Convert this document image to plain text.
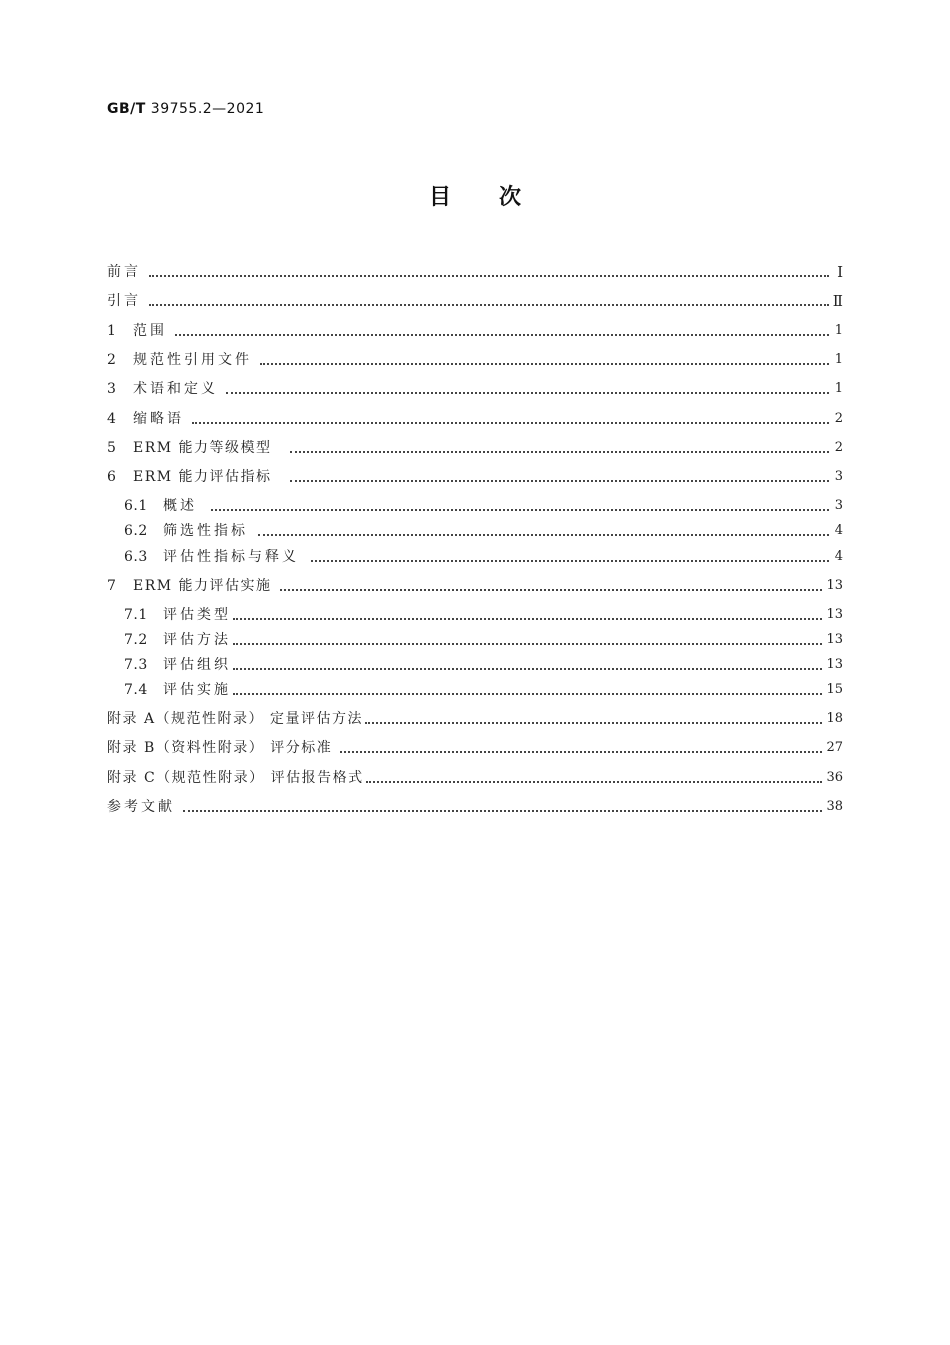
GB/T 39755.2—2021
目次
前言	Ⅰ
引言	Ⅱ
1	范围	1
2	规范性引用文件	1
3	术语和定义	1
4	缩略语	2
5	ERM 能力等级模型	2
6	ERM 能力评估指标	3
6.1	概述	3
6.2	筛选性指标	4
6.3	评估性指标与释义	4
7	ERM 能力评估实施	13
7.1	评估类型	13
7.2	评估方法	13
7.3	评估组织	13
7.4	评估实施	15
附录 A（规范性附录） 定量评估方法	18
附录 B（资料性附录） 评分标准	27
附录 C（规范性附录） 评估报告格式	36
参考文献	38
